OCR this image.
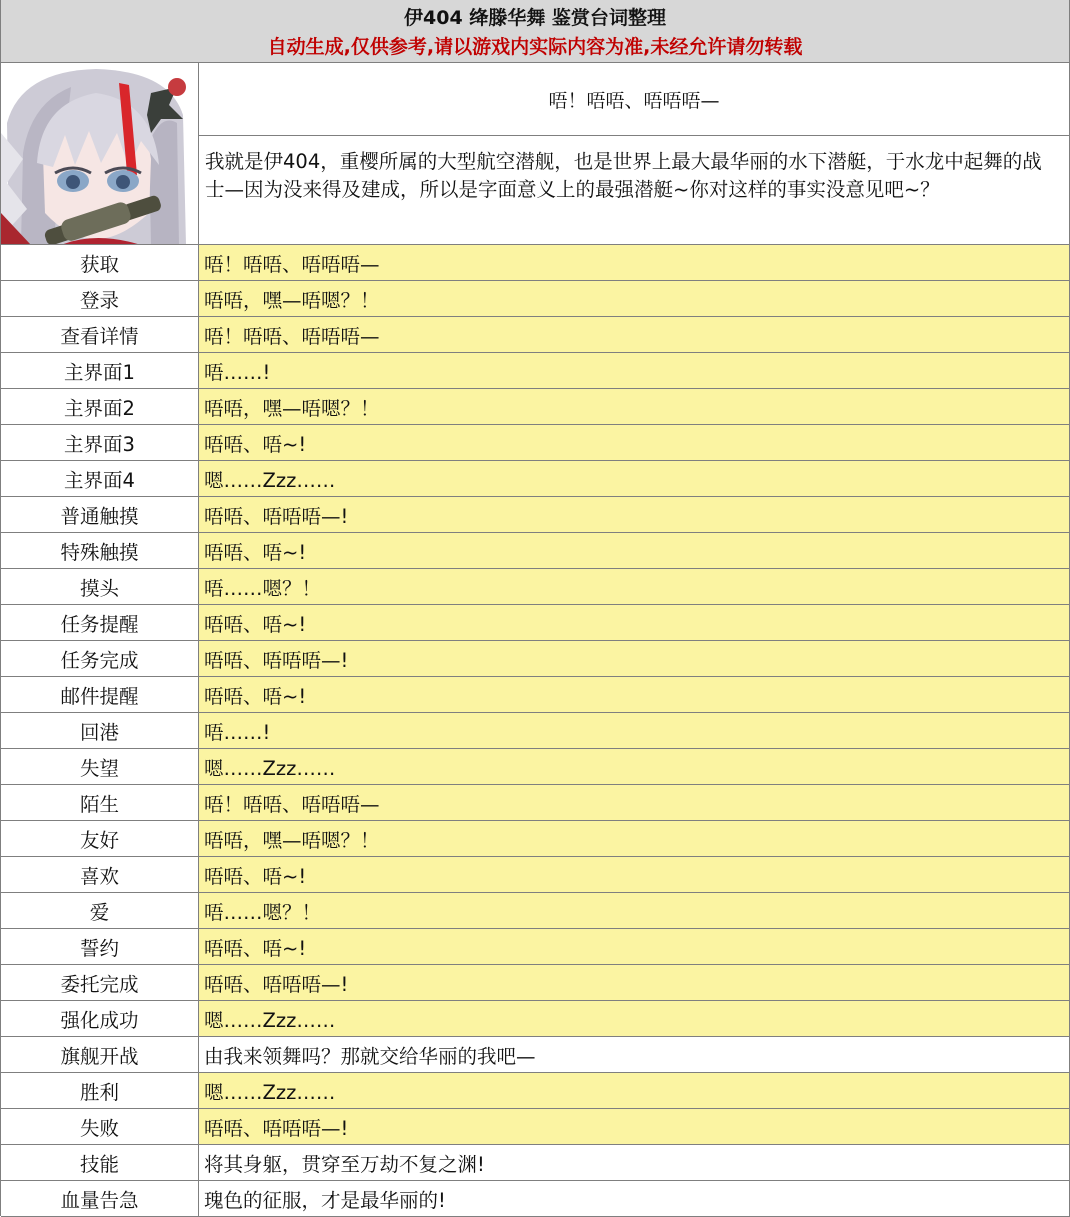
伊404 绛滕华舞 鉴赏台词整理
自动生成,仅供参考,请以游戏内实际内容为准,未经允许请勿转载
唔！唔唔、唔唔唔—
我就是伊404，重樱所属的大型航空潜舰，也是世界上最大最华丽的水下潜艇，于水龙中起舞的战士—因为没来得及建成，所以是字面意义上的最强潜艇~你对这样的事实没意见吧~？
获取	唔！唔唔、唔唔唔—
登录	唔唔，嘿—唔嗯？！
查看详情	唔！唔唔、唔唔唔—
主界面1	唔……!
主界面2	唔唔，嘿—唔嗯？！
主界面3	唔唔、唔~!
主界面4	嗯……Zzz……
普通触摸	唔唔、唔唔唔—!
特殊触摸	唔唔、唔~!
摸头	唔……嗯？！
任务提醒	唔唔、唔~!
任务完成	唔唔、唔唔唔—!
邮件提醒	唔唔、唔~!
回港	唔……!
失望	嗯……Zzz……
陌生	唔！唔唔、唔唔唔—
友好	唔唔，嘿—唔嗯？！
喜欢	唔唔、唔~!
爱	唔……嗯？！
誓约	唔唔、唔~!
委托完成	唔唔、唔唔唔—!
强化成功	嗯……Zzz……
旗舰开战	由我来领舞吗？那就交给华丽的我吧—
胜利	嗯……Zzz……
失败	唔唔、唔唔唔—!
技能	将其身躯，贯穿至万劫不复之渊!
血量告急	瑰色的征服，才是最华丽的!
